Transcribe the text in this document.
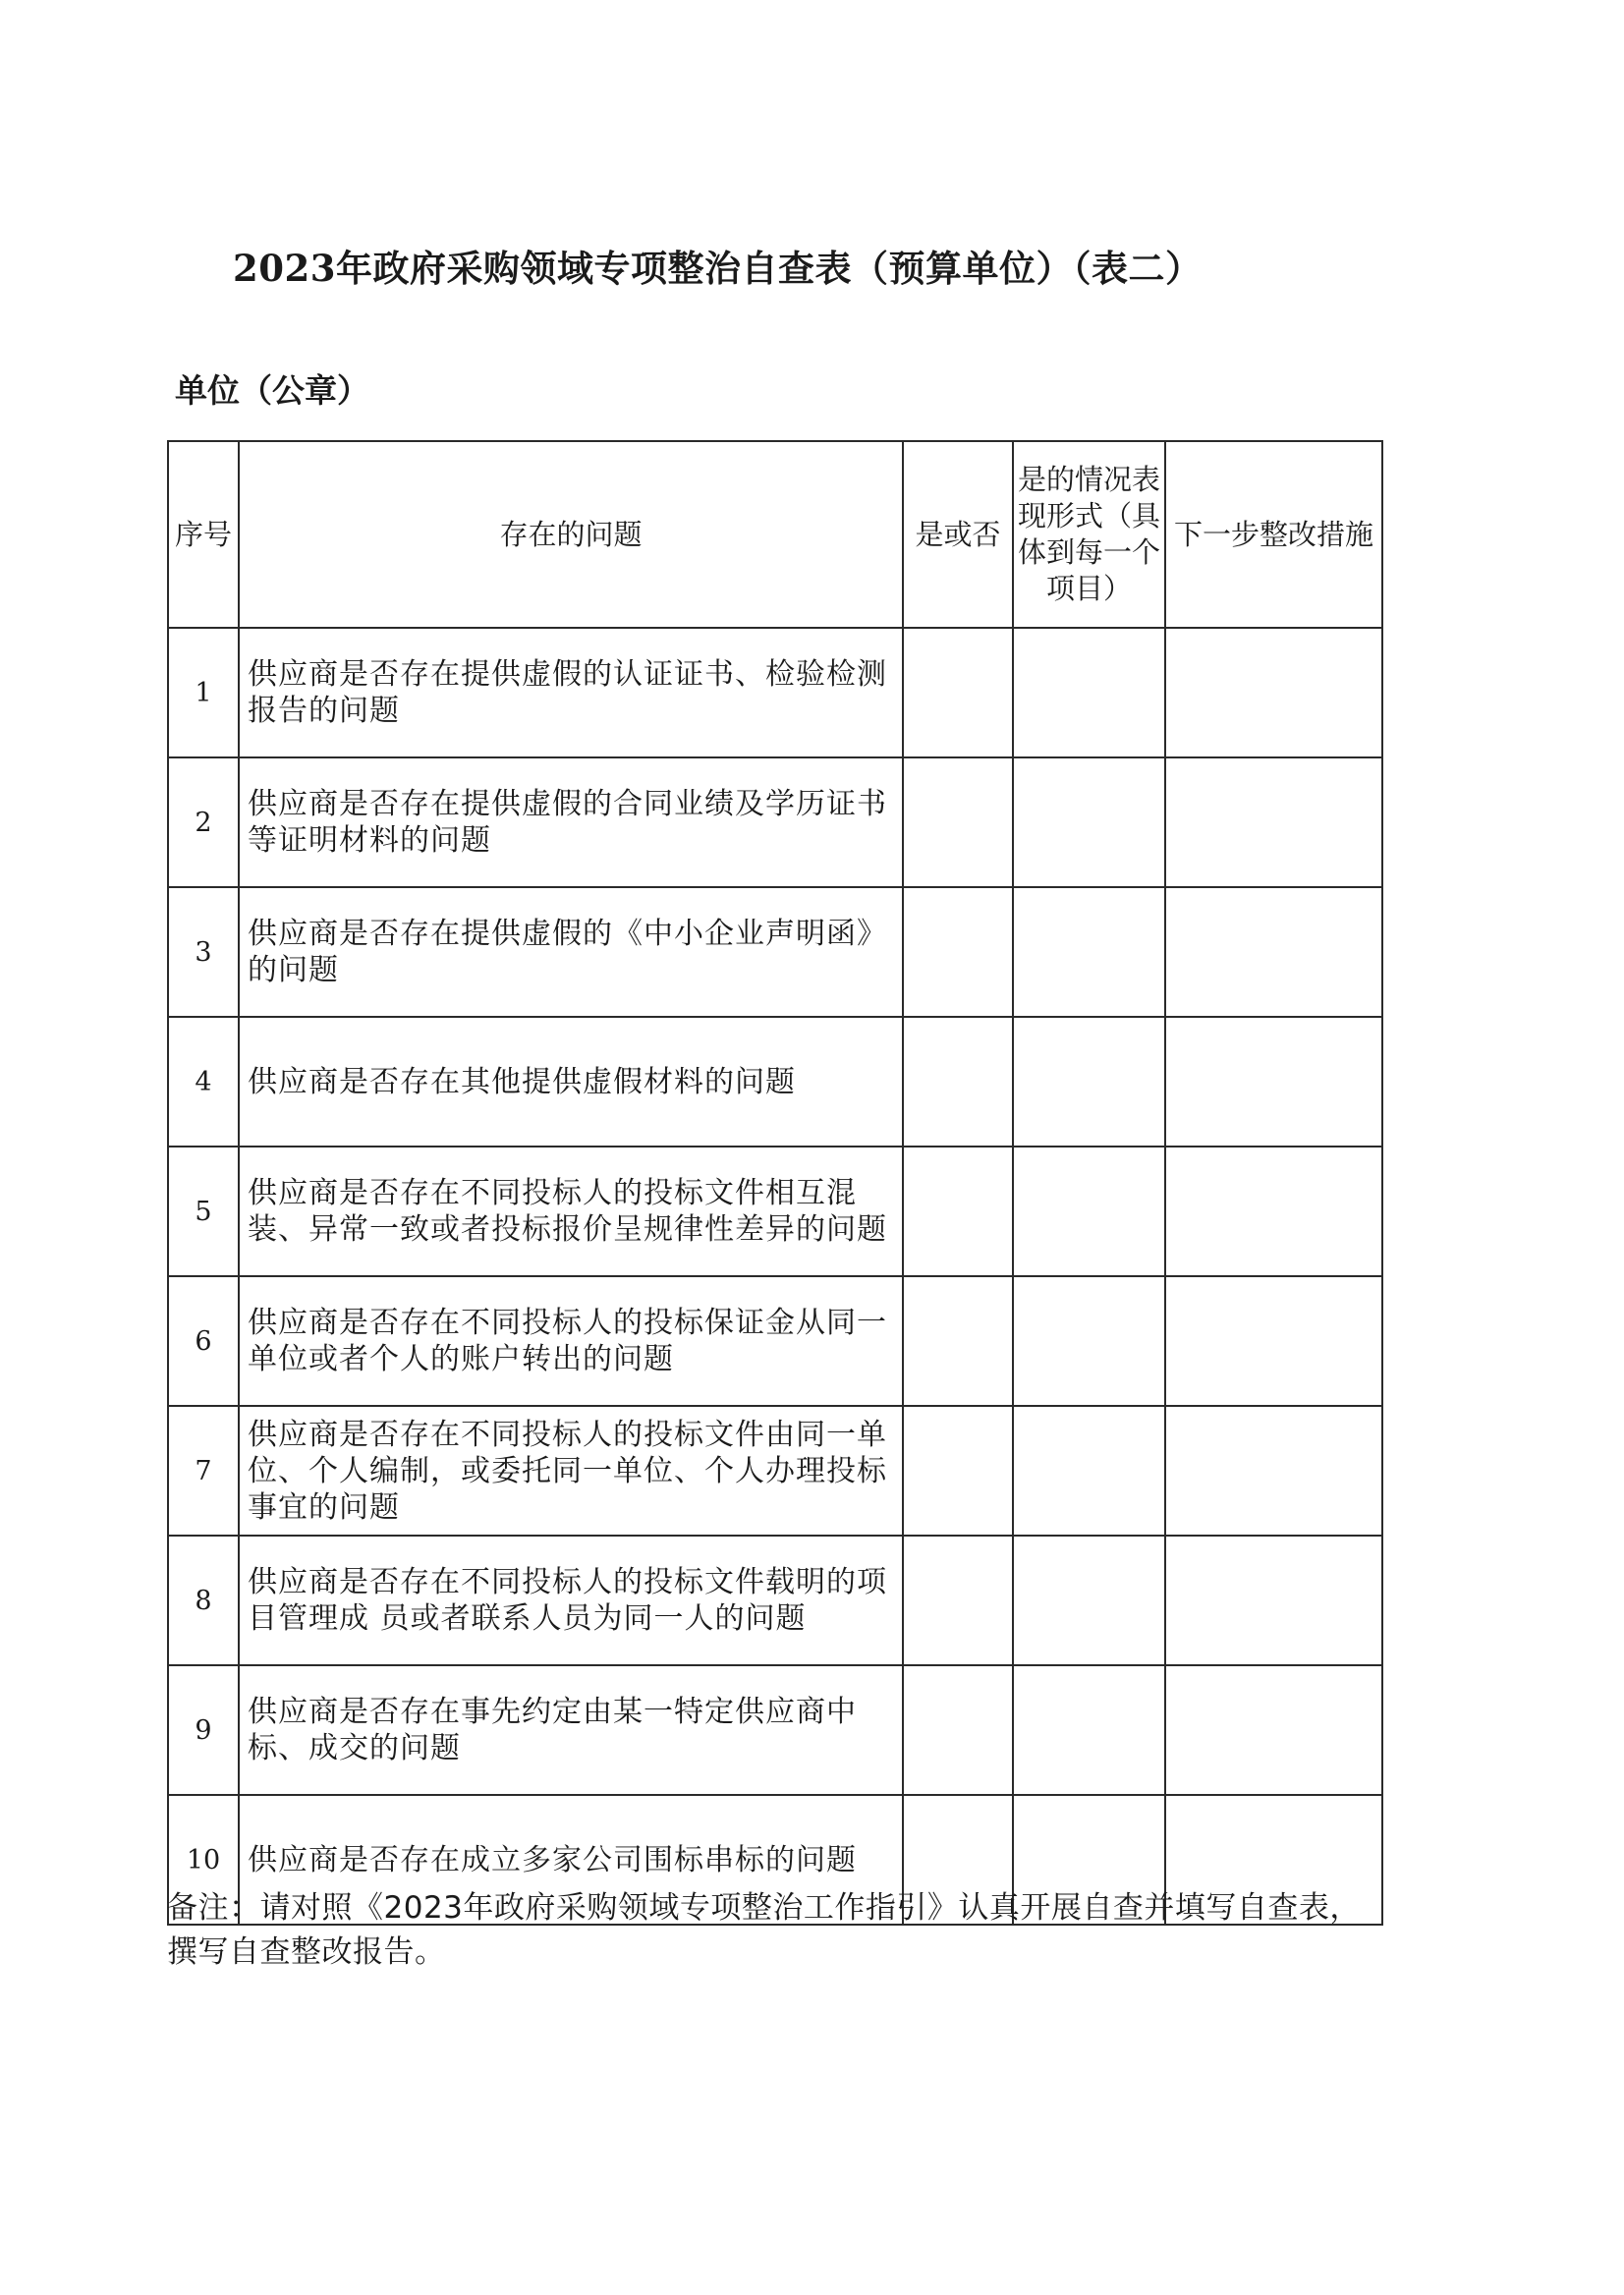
2023年政府采购领域专项整治自查表（预算单位）（表二）
单位（公章）
序号	存在的问题	是或否	是的情况表现形式（具体到每一个项目）	下一步整改措施
1	供应商是否存在提供虚假的认证证书、检验检测报告的问题			
2	供应商是否存在提供虚假的合同业绩及学历证书等证明材料的问题			
3	供应商是否存在提供虚假的《中小企业声明函》的问题			
4	供应商是否存在其他提供虚假材料的问题			
5	供应商是否存在不同投标人的投标文件相互混装、异常一致或者投标报价呈规律性差异的问题			
6	供应商是否存在不同投标人的投标保证金从同一单位或者个人的账户转出的问题			
7	供应商是否存在不同投标人的投标文件由同一单位、个人编制，或委托同一单位、个人办理投标事宜的问题			
8	供应商是否存在不同投标人的投标文件载明的项目管理成 员或者联系人员为同一人的问题			
9	供应商是否存在事先约定由某一特定供应商中标、成交的问题			
10	供应商是否存在成立多家公司围标串标的问题			
备注：请对照《2023年政府采购领域专项整治工作指引》认真开展自查并填写自查表，撰写自查整改报告。
